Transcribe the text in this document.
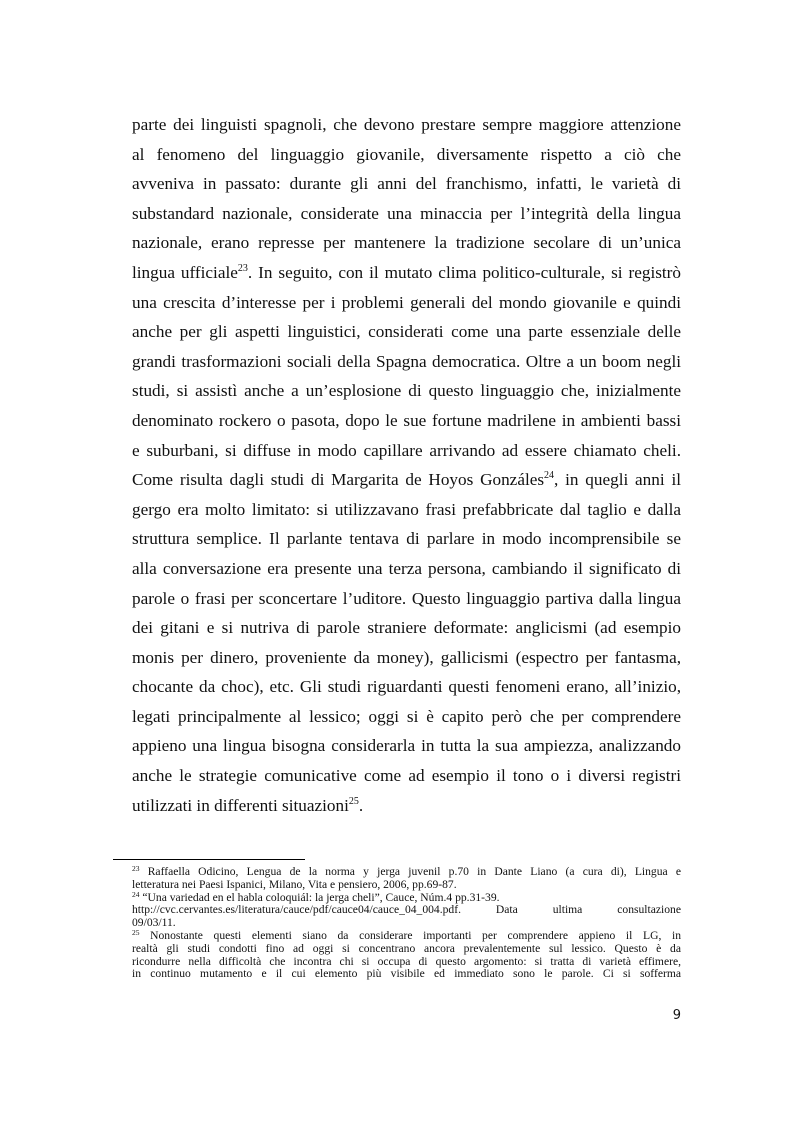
parte dei linguisti spagnoli, che devono prestare sempre maggiore attenzione
al fenomeno del linguaggio giovanile, diversamente rispetto a ciò che
avveniva in passato: durante gli anni del franchismo, infatti, le varietà di
substandard nazionale, considerate una minaccia per l’integrità della lingua
nazionale, erano represse per mantenere la tradizione secolare di un’unica
lingua ufficiale$^{23}$. In seguito, con il mutato clima politico-culturale, si registrò
una crescita d’interesse per i problemi generali del mondo giovanile e quindi
anche per gli aspetti linguistici, considerati come una parte essenziale delle
grandi trasformazioni sociali della Spagna democratica. Oltre a un boom negli
studi, si assistì anche a un’esplosione di questo linguaggio che, inizialmente
denominato rockero o pasota, dopo le sue fortune madrilene in ambienti bassi
e suburbani, si diffuse in modo capillare arrivando ad essere chiamato cheli.
Come risulta dagli studi di Margarita de Hoyos Gonzáles$^{24}$, in quegli anni il
gergo era molto limitato: si utilizzavano frasi prefabbricate dal taglio e dalla
struttura semplice. Il parlante tentava di parlare in modo incomprensibile se
alla conversazione era presente una terza persona, cambiando il significato di
parole o frasi per sconcertare l’uditore. Questo linguaggio partiva dalla lingua
dei gitani e si nutriva di parole straniere deformate: anglicismi (ad esempio
monis per dinero, proveniente da money), gallicismi (espectro per fantasma,
chocante da choc), etc. Gli studi riguardanti questi fenomeni erano, all’inizio,
legati principalmente al lessico; oggi si è capito però che per comprendere
appieno una lingua bisogna considerarla in tutta la sua ampiezza, analizzando
anche le strategie comunicative come ad esempio il tono o i diversi registri
utilizzati in differenti situazioni$^{25}$.
$^{23}$ Raffaella Odicino, Lengua de la norma y jerga juvenil p.70 in Dante Liano (a cura di), Lingua e
letteratura nei Paesi Ispanici, Milano, Vita e pensiero, 2006, pp.69-87.
$^{24}$ “Una variedad en el habla coloquiál: la jerga cheli”, Cauce, Núm.4 pp.31-39.
http://cvc.cervantes.es/literatura/cauce/pdf/cauce04/cauce_04_004.pdf. Data ultima consultazione
09/03/11.
$^{25}$ Nonostante questi elementi siano da considerare importanti per comprendere appieno il LG, in
realtà gli studi condotti fino ad oggi si concentrano ancora prevalentemente sul lessico. Questo è da
ricondurre nella difficoltà che incontra chi si occupa di questo argomento: si tratta di varietà effimere,
in continuo mutamento e il cui elemento più visibile ed immediato sono le parole. Ci si sofferma
9
